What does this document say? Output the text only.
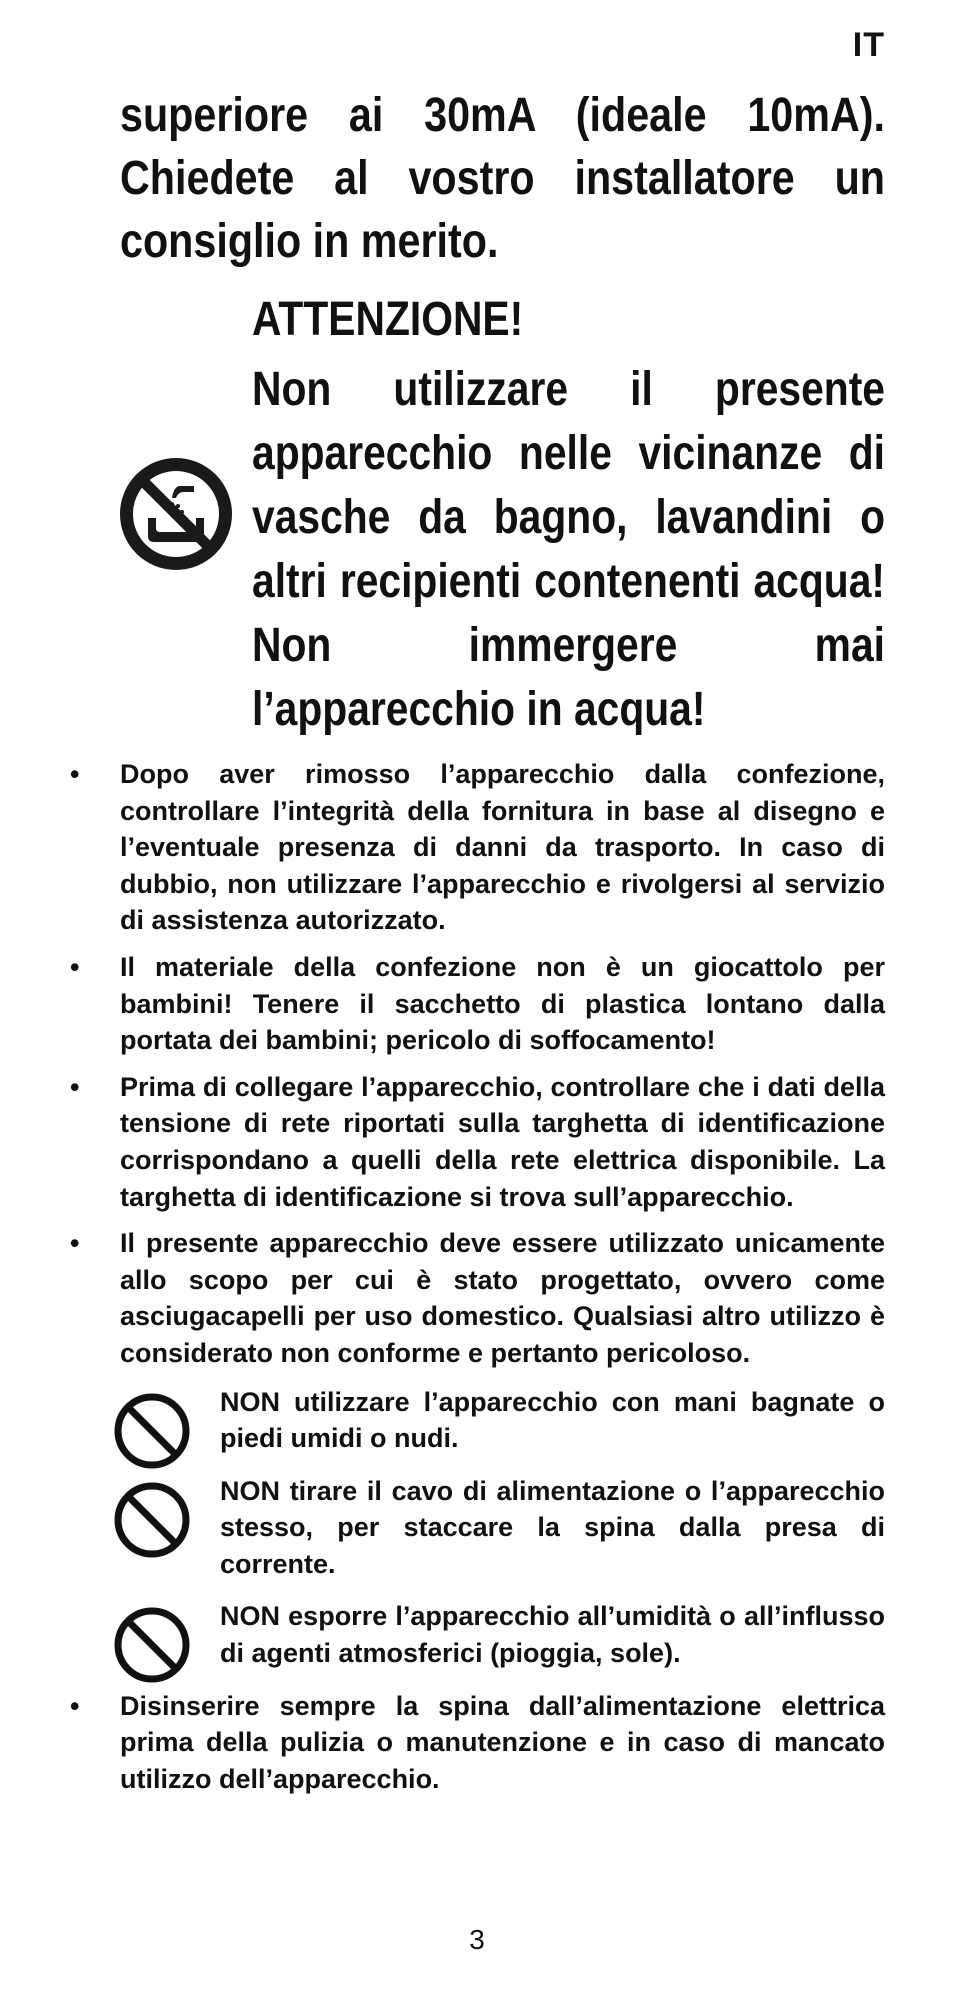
IT

superiore ai 30mA (ideale 10mA). Chiedete al vostro installatore un consiglio in merito.

ATTENZIONE!

Non utilizzare il presente apparecchio nelle vicinanze di vasche da bagno, lavandini o altri recipienti contenenti acqua! Non immergere mai l’apparecchio in acqua!

• Dopo aver rimosso l’apparecchio dalla confezione, controllare l’integrità della fornitura in base al disegno e l’eventuale presenza di danni da trasporto. In caso di dubbio, non utilizzare l’apparecchio e rivolgersi al servizio di assistenza autorizzato.
• Il materiale della confezione non è un giocattolo per bambini! Tenere il sacchetto di plastica lontano dalla portata dei bambini; pericolo di soffocamento!
• Prima di collegare l’apparecchio, controllare che i dati della tensione di rete riportati sulla targhetta di identificazione corrispondano a quelli della rete elettrica disponibile. La targhetta di identificazione si trova sull’apparecchio.
• Il presente apparecchio deve essere utilizzato unicamente allo scopo per cui è stato progettato, ovvero come asciugacapelli per uso domestico. Qualsiasi altro utilizzo è considerato non conforme e pertanto pericoloso.
NON utilizzare l’apparecchio con mani bagnate o piedi umidi o nudi.
NON tirare il cavo di alimentazione o l’apparecchio stesso, per staccare la spina dalla presa di corrente.
NON esporre l’apparecchio all’umidità o all’influsso di agenti atmosferici (pioggia, sole).
• Disinserire sempre la spina dall’alimentazione elettrica prima della pulizia o manutenzione e in caso di mancato utilizzo dell’apparecchio.
3
